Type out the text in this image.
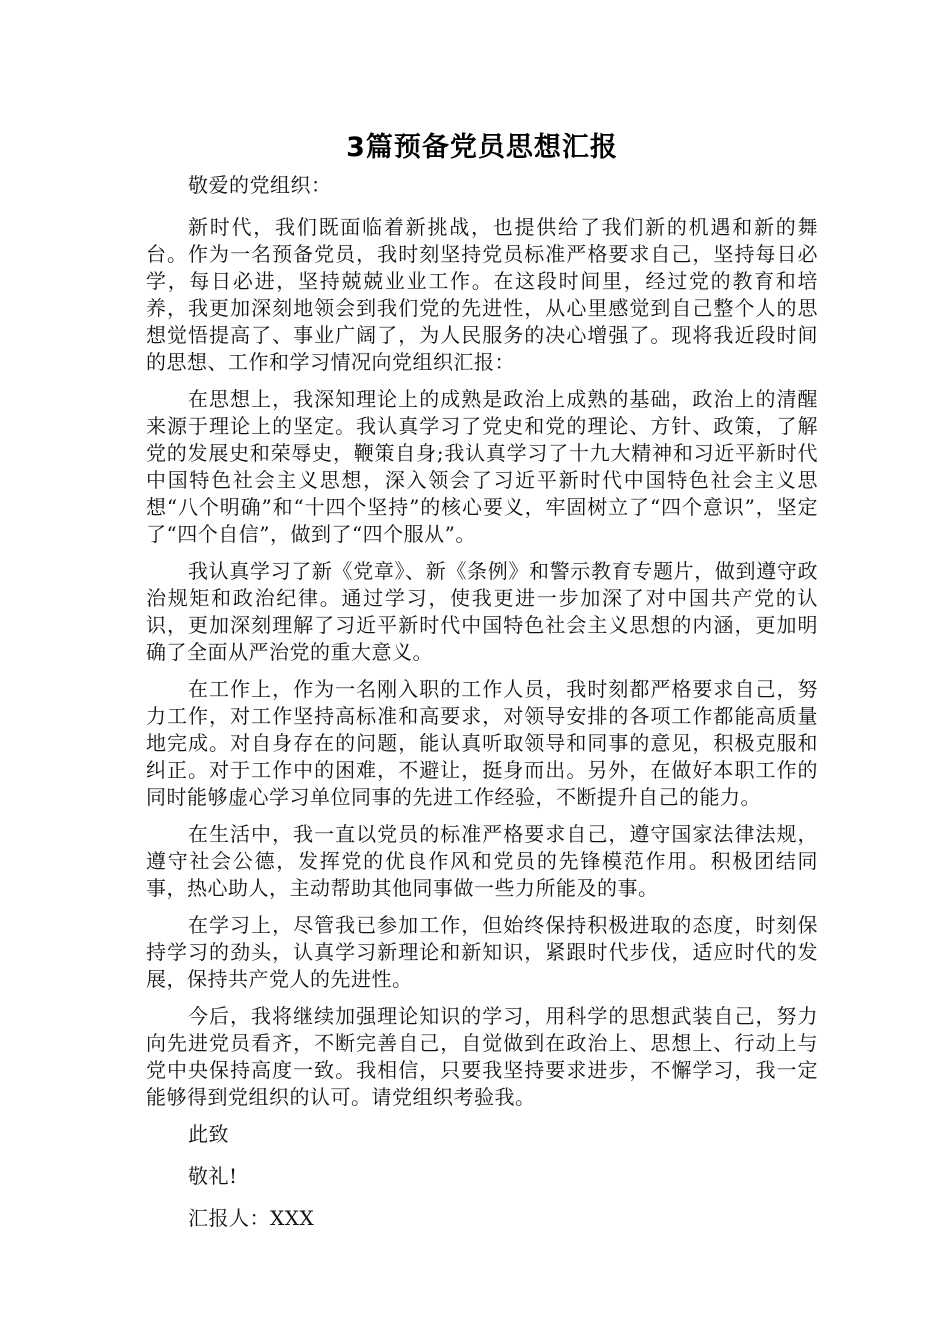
3篇预备党员思想汇报

敬爱的党组织：

新时代，我们既面临着新挑战，也提供给了我们新的机遇和新的舞台。作为一名预备党员，我时刻坚持党员标准严格要求自己，坚持每日必学，每日必进，坚持兢兢业业工作。在这段时间里，经过党的教育和培养，我更加深刻地领会到我们党的先进性，从心里感觉到自己整个人的思想觉悟提高了、事业广阔了，为人民服务的决心增强了。现将我近段时间的思想、工作和学习情况向党组织汇报：

在思想上，我深知理论上的成熟是政治上成熟的基础，政治上的清醒来源于理论上的坚定。我认真学习了党史和党的理论、方针、政策，了解党的发展史和荣辱史，鞭策自身;我认真学习了十九大精神和习近平新时代中国特色社会主义思想，深入领会了习近平新时代中国特色社会主义思想“八个明确”和“十四个坚持”的核心要义，牢固树立了“四个意识”，坚定了“四个自信”，做到了“四个服从”。

我认真学习了新《党章》、新《条例》和警示教育专题片，做到遵守政治规矩和政治纪律。通过学习，使我更进一步加深了对中国共产党的认识，更加深刻理解了习近平新时代中国特色社会主义思想的内涵，更加明确了全面从严治党的重大意义。

在工作上，作为一名刚入职的工作人员，我时刻都严格要求自己，努力工作，对工作坚持高标准和高要求，对领导安排的各项工作都能高质量地完成。对自身存在的问题，能认真听取领导和同事的意见，积极克服和纠正。对于工作中的困难，不避让，挺身而出。另外，在做好本职工作的同时能够虚心学习单位同事的先进工作经验，不断提升自己的能力。

在生活中，我一直以党员的标准严格要求自己，遵守国家法律法规，遵守社会公德，发挥党的优良作风和党员的先锋模范作用。积极团结同事，热心助人，主动帮助其他同事做一些力所能及的事。

在学习上，尽管我已参加工作，但始终保持积极进取的态度，时刻保持学习的劲头，认真学习新理论和新知识，紧跟时代步伐，适应时代的发展，保持共产党人的先进性。

今后，我将继续加强理论知识的学习，用科学的思想武装自己，努力向先进党员看齐，不断完善自己，自觉做到在政治上、思想上、行动上与党中央保持高度一致。我相信，只要我坚持要求进步，不懈学习，我一定能够得到党组织的认可。请党组织考验我。

此致

敬礼!

汇报人：XXX
